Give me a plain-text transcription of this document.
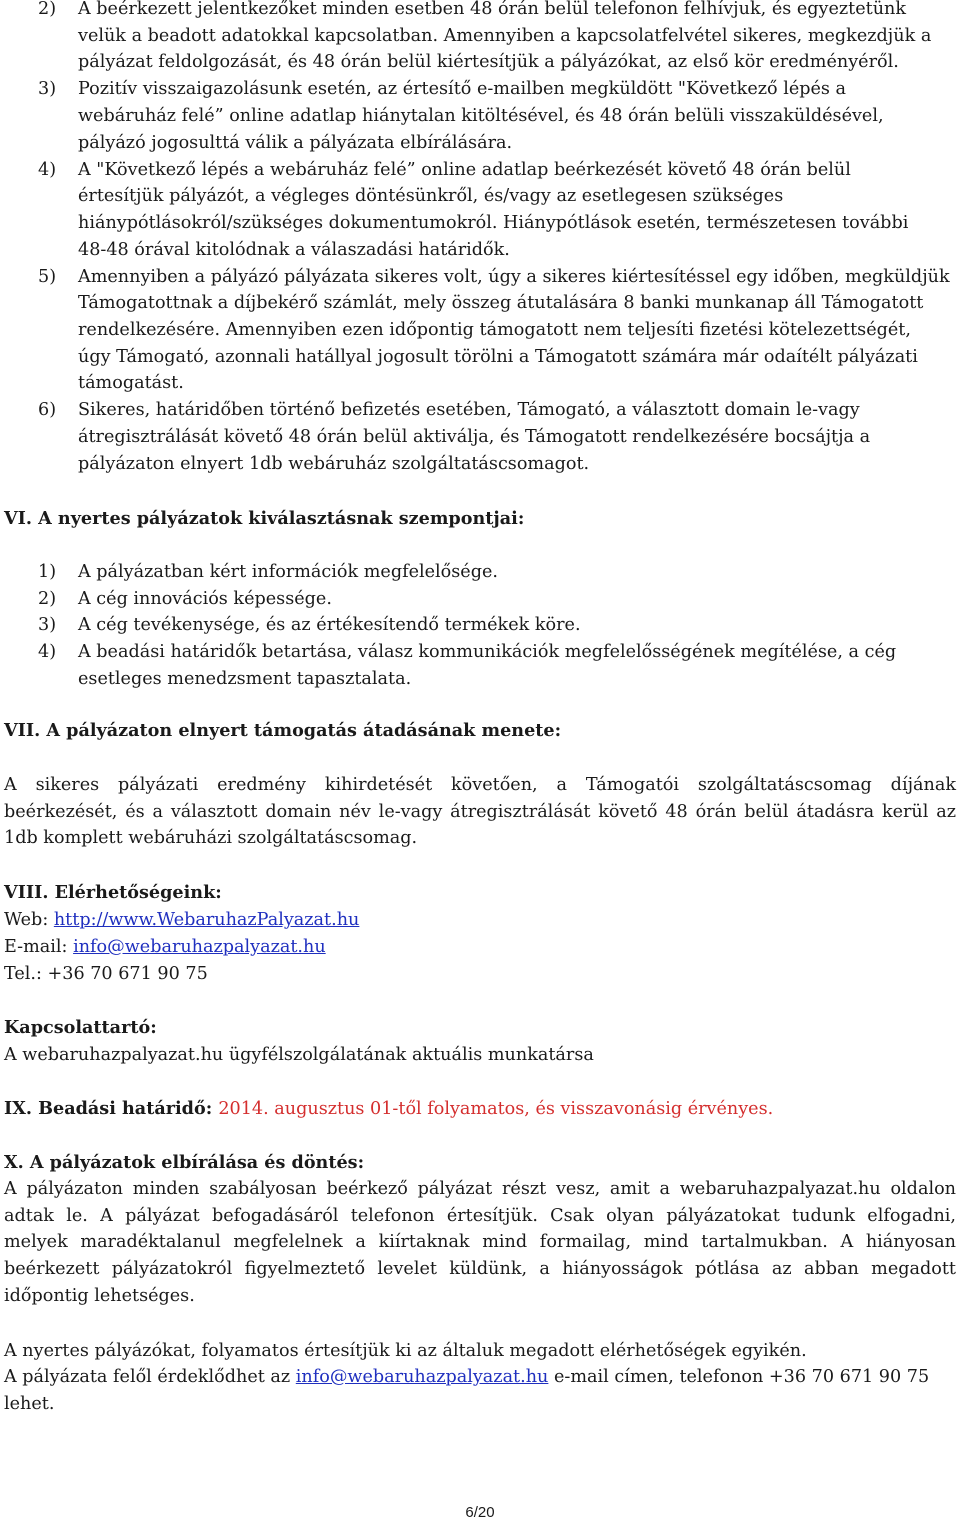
2)	A beérkezett jelentkezőket minden esetben 48 órán belül telefonon felhívjuk, és egyeztetünk
velük a beadott adatokkal kapcsolatban. Amennyiben a kapcsolatfelvétel sikeres, megkezdjük a
pályázat feldolgozását, és 48 órán belül kiértesítjük a pályázókat, az első kör eredményéről.
3)	Pozitív visszaigazolásunk esetén, az értesítő e-mailben megküldött "Következő lépés a
webáruház felé” online adatlap hiánytalan kitöltésével, és 48 órán belüli visszaküldésével,
pályázó jogosulttá válik a pályázata elbírálására.
4)	A "Következő lépés a webáruház felé” online adatlap beérkezését követő 48 órán belül
értesítjük pályázót, a végleges döntésünkről, és/vagy az esetlegesen szükséges
hiánypótlásokról/szükséges dokumentumokról. Hiánypótlások esetén, természetesen további
48-48 órával kitolódnak a válaszadási határidők.
5)	Amennyiben a pályázó pályázata sikeres volt, úgy a sikeres kiértesítéssel egy időben, megküldjük
Támogatottnak a díjbekérő számlát, mely összeg átutalására 8 banki munkanap áll Támogatott
rendelkezésére. Amennyiben ezen időpontig támogatott nem teljesíti fizetési kötelezettségét,
úgy Támogató, azonnali hatállyal jogosult törölni a Támogatott számára már odaítélt pályázati
támogatást.
6)	Sikeres, határidőben történő befizetés esetében, Támogató, a választott domain le-vagy
átregisztrálását követő 48 órán belül aktiválja, és Támogatott rendelkezésére bocsájtja a
pályázaton elnyert 1db webáruház szolgáltatáscsomagot.
VI. A nyertes pályázatok kiválasztásnak szempontjai:
1)	A pályázatban kért információk megfelelősége.
2)	A cég innovációs képessége.
3)	A cég tevékenysége, és az értékesítendő termékek köre.
4)	A beadási határidők betartása, válasz kommunikációk megfelelősségének megítélése, a cég
esetleges menedzsment tapasztalata.
VII. A pályázaton elnyert támogatás átadásának menete:
A sikeres pályázati eredmény kihirdetését követően, a Támogatói szolgáltatáscsomag díjának
beérkezését, és a választott domain név le-vagy átregisztrálását követő 48 órán belül átadásra kerül az
1db komplett webáruházi szolgáltatáscsomag.
VIII. Elérhetőségeink:
Web: http://www.WebaruhazPalyazat.hu
E-mail: info@webaruhazpalyazat.hu
Tel.: +36 70 671 90 75
Kapcsolattartó:
A webaruhazpalyazat.hu ügyfélszolgálatának aktuális munkatársa
IX. Beadási határidő: 2014. augusztus 01-től folyamatos, és visszavonásig érvényes.
X. A pályázatok elbírálása és döntés:
A pályázaton minden szabályosan beérkező pályázat részt vesz, amit a webaruhazpalyazat.hu oldalon
adtak le. A pályázat befogadásáról telefonon értesítjük. Csak olyan pályázatokat tudunk elfogadni,
melyek maradéktalanul megfelelnek a kiírtaknak mind formailag, mind tartalmukban. A hiányosan
beérkezett pályázatokról figyelmeztető levelet küldünk, a hiányosságok pótlása az abban megadott
időpontig lehetséges.
A nyertes pályázókat, folyamatos értesítjük ki az általuk megadott elérhetőségek egyikén.
A pályázata felől érdeklődhet az info@webaruhazpalyazat.hu e-mail címen, telefonon +36 70 671 90 75
lehet.
6/20
